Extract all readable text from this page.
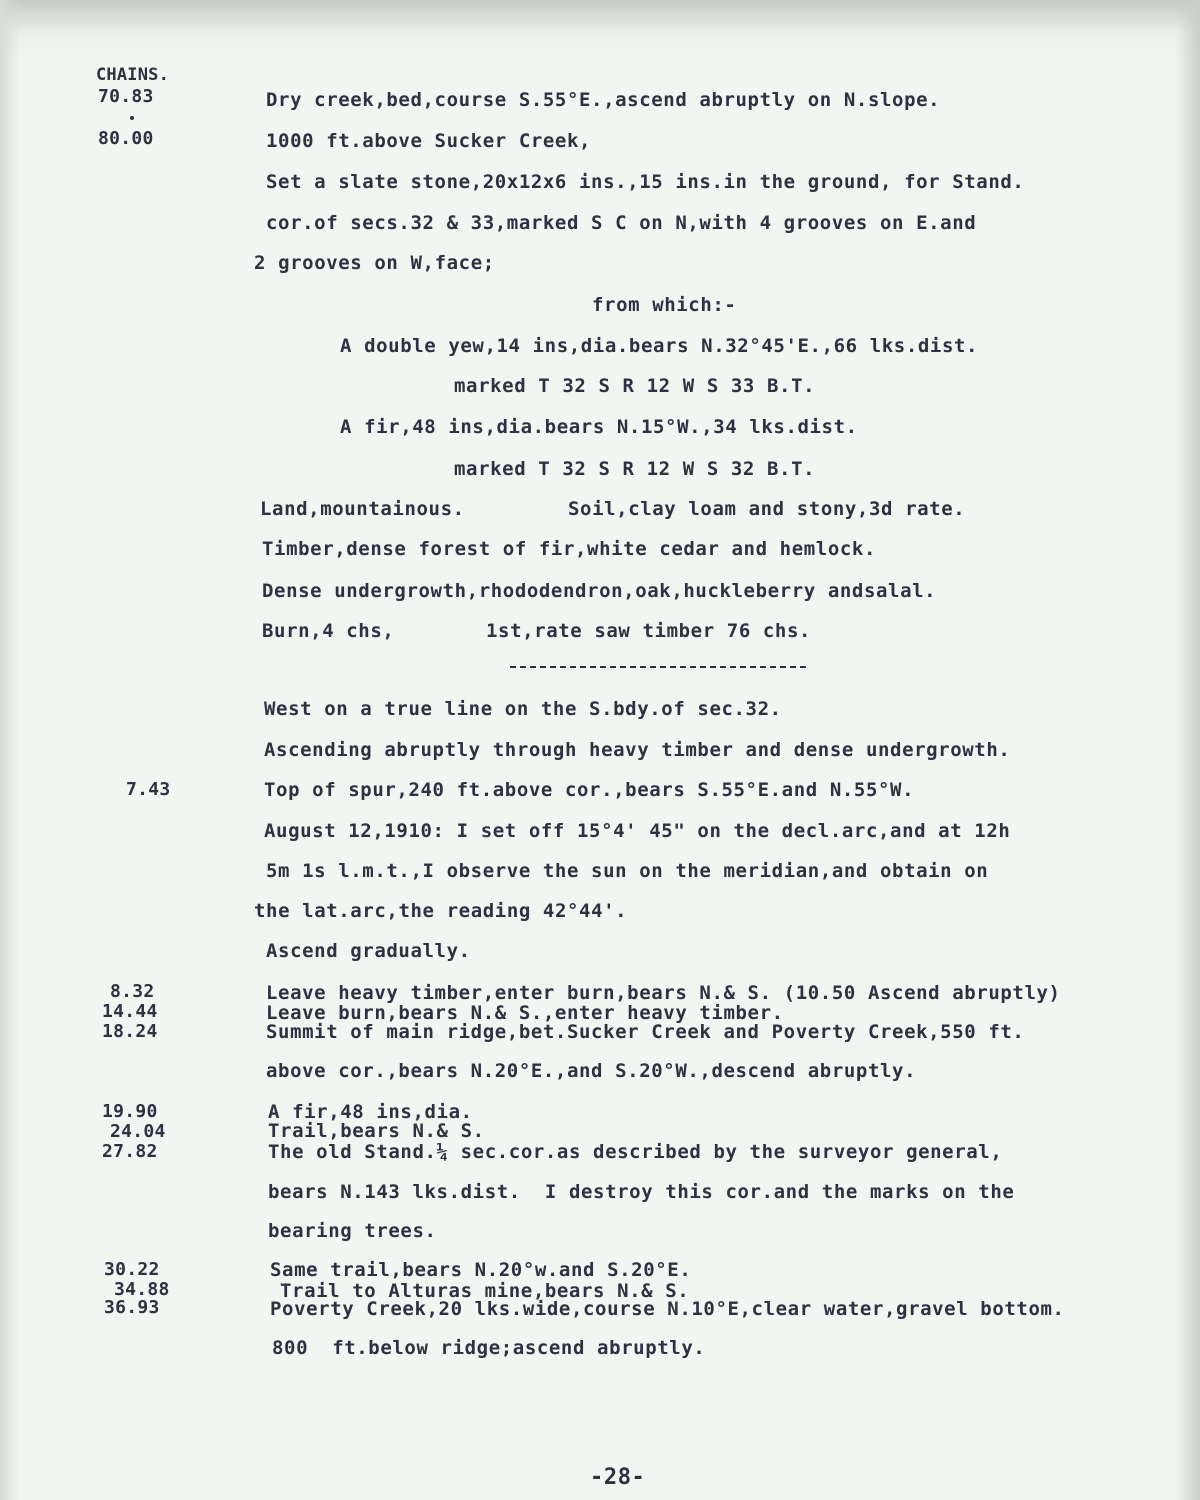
CHAINS.

70.83	Dry creek,bed,course S.55°E.,ascend abruptly on N.slope.

80.00	1000 ft.above Sucker Creek,

Set a slate stone,20x12x6 ins.,15 ins.in the ground, for Stand.

cor.of secs.32 & 33,marked S C on N,with 4 grooves on E.and

2 grooves on W,face;

from which:-

A double yew,14 ins,dia.bears N.32°45'E.,66 lks.dist.

marked T 32 S R 12 W S 33 B.T.

A fir,48 ins,dia.bears N.15°W.,34 lks.dist.

marked T 32 S R 12 W S 32 B.T.

Land,mountainous.	Soil,clay loam and stony,3d rate.

Timber,dense forest of fir,white cedar and hemlock.

Dense undergrowth,rhododendron,oak,huckleberry andsalal.

Burn,4 chs,	1st,rate saw timber 76 chs.

West on a true line on the S.bdy.of sec.32.

Ascending abruptly through heavy timber and dense undergrowth.

7.43	Top of spur,240 ft.above cor.,bears S.55°E.and N.55°W.

August 12,1910: I set off 15°4' 45" on the decl.arc,and at 12h

5m 1s l.m.t.,I observe the sun on the meridian,and obtain on

the lat.arc,the reading 42°44'.

Ascend gradually.

8.32	Leave heavy timber,enter burn,bears N.& S. (10.50 Ascend abruptly)

14.44	Leave burn,bears N.& S.,enter heavy timber.

18.24	Summit of main ridge,bet.Sucker Creek and Poverty Creek,550 ft.

above cor.,bears N.20°E.,and S.20°W.,descend abruptly.

19.90	A fir,48 ins,dia.

24.04	Trail,bears N.& S.

27.82	The old Stand.¼ sec.cor.as described by the surveyor general,

bears N.143 lks.dist.  I destroy this cor.and the marks on the

bearing trees.

30.22	Same trail,bears N.20°w.and S.20°E.

34.88	Trail to Alturas mine,bears N.& S.

36.93	Poverty Creek,20 lks.wide,course N.10°E,clear water,gravel bottom.

800  ft.below ridge;ascend abruptly.

-28-
